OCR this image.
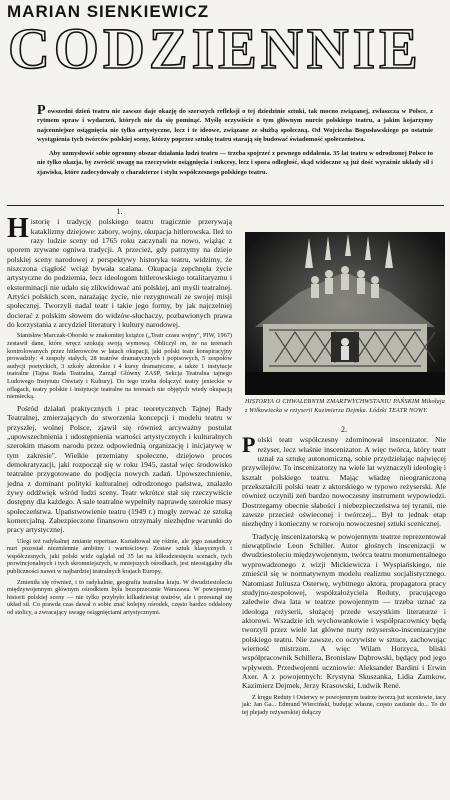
MARIAN SIENKIEWICZ
CODZIENNIE

Powszedni dzień teatru nie zawsze daje okazję do szerszych refleksji o tej dziedzinie sztuki, tak mocno związanej, zwłaszcza w Polsce, z rytmem spraw i wydarzeń, których nie da się pominąć. Myślę oczywiście o tym głównym nurcie polskiego teatru, a jakim kojarzymy najcenniejsze osiągnięcia nie tylko artystyczne, lecz i te ideowe, związane ze służbą społeczną. Od Wojciecha Bogusławskiego po ostatnie wystąpienia tych twórców polskiej sceny, którzy poprzez sztukę teatru starają się budować świadomość społeczeństwa.

Aby uzmysłowić sobie ogromny obszar działania ludzi teatru — trzeba spojrzeć z pewnego oddalenia. 35 lat teatru w odrodzonej Polsce to nie tylko okazja, by zwrócić uwagę na rzeczywiste osiągnięcia i sukcesy, lecz i spora odległość, skąd widoczne są już dość wyraźnie układy sił i zjawiska, które zadecydowały o charakterze i stylu współczesnego polskiego teatru.

1.

Historię i tradycję polskiego teatru tragicznie przerywają kataklizmy dziejowe: zabory, wojny, okupacja hitlerowska. Ileż to razy ludzie sceny od 1765 roku zaczynali na nowo, wiążąc z uporem zrywane ogniwa tradycji. A przecież, gdy patrzymy na dzieje polskiej sceny narodowej z perspektywy historyka teatru, widzimy, że niszczona ciągłość wciąż bywała scalana. Okupacja zepchnęła życie artystyczne do podziemia, lecz ideologom hitlerowskiego totalitaryzmu i eksterminacji nie udało się zlikwidować ani polskiej, ani myśli teatralnej. Artyści polskich scen, narażając życie, nie rezygnowali ze swojej misji społecznej. Tworzyli nadal teatr i takie jego formy, by jak najczelniej docierać z polskim słowem do widzów-słuchaczy, pozbawionych prawa do korzystania z arcydzieł literatury i kultury narodowej.

Stanisław Marczak-Oborski w znakomitej książce („Teatr czasu wojny", PIW, 1967) zestawił dane, które wręcz szokują swoją wymową. Obliczył on, że na terenach kontrolowanych przez hitlerowców w latach okupacji, jaki polski teatr konspiracyjny prowadziły: 4 zespoły stałych, 28 teatrów dramatycznych i popisowych, 5 zespołów audycji poetyckich, 3 szkoły aktorskie i 4 kursy dramatyczne, a także 1 instytucje teatralne (Tajna Rada Teatralna, Zarząd Główny ZASP, Sekcja Teatralna tajnego Ludowego Instytutu Oświaty i Kultury). Do tego trzeba dołączyć teatry jenieckie w oflagach, teatry polskie i instytucje teatralne na terenach nie objętych wtedy okupacją niemiecką.

Pośród działań praktycznych i prac teoretycznych Tajnej Rady Teatralnej, zmierzających do stworzenia koncepcji i modelu teatru w przyszłej, wolnej Polsce, zjawił się również arcyważny postulat „upowszechnienia i udostępnienia wartości artystycznych i kulturalnych szerokim masom narodu przez odpowiednią organizację i inicjatywę w tym zakresie". Wielkie przemiany społeczne, dziejowo proces demokratyzacji, jaki rozpoczął się w roku 1945, zastał więc środowisko teatralne przygotowane do podjęcia nowych zadań. Upowszechnienie, jedna z dominant polityki kulturalnej odrodzonego państwa, znalazło żywy oddźwięk wśród ludzi sceny. Teatr wkrótce stał się rzeczywiście dostępny dla każdego. A sale teatralne wypełniły naprawdę szerokie masy społeczeństwa. Upaństwowienie teatru (1949 r.) mogły zerwać ze sztuką komercjalną. Zabezpieczone finansowo otrzymały niezbędne warunki do pracy artystycznej.

Ulegi też radykalnej zmianie repertuar. Kształtował się różnie, ale jego zasadniczy nurt pozostał niezmiennie ambitny i wartościowy. Zestaw sztuk klasycznych i współczesnych, jaki polski widz oglądał od 35 lat na kilkudziesięciu scenach, tych prowincjonalnych i tych skromniejszych, w mniejszych ośrodkach, jest nieosiągalny dla publiczności nawet w najbardziej teatralnych krajach Europy.

Zmieniła się również, i to radykalnie, geografia teatralna kraju. W dwudziestoleciu międzywojennym głównym ośrodkiem była bezsprzecznie Warszawa. W powojennej historii polskiej sceny — nie tylko przybyło kilkadziesiąt teatrów, ale i przesunął się układ sił. Co prawda czas dawał o sobie znać kolejny ośrodek, często bardzo oddalony od stolicy, a zwracający uwagę osiągnięciami artystycznymi.

HISTORYA O CHWALEBNYM ZMARTWYCHWSTANIU PAŃSKIM Mikołaja z Wilkowiecka w reżyserii Kazimierza Dejmka. Łódzki TEATR NOWY.

2.

Polski teatr współczesny zdominował inscenizator. Nie reżyser, lecz właśnie inscenizator. A więc twórca, który teatr uznał za sztukę autonomiczną, sobie przydzielając najwięcej przywilejów. To inscenizatorzy na wiele lat wyznaczyli ideologię i kształt polskiego teatru. Mając władzę nieograniczoną przekształcili polski teatr z aktorskiego w typowo reżyserski. Ale również uczynili zeń bardzo nowoczesny instrument wypowiedzi. Dostrzegamy obecnie słabości i niebezpieczeństwa tej tyranii, nie zawsze przecież oświeconej i twórczej... Był to jednak etap niezbędny i konieczny w rozwoju nowoczesnej sztuki scenicznej.

Tradycję inscenizatorską w powojennym teatrze reprezentował niewątpliwie Leon Schiller. Autor głośnych inscenizacji w dwudziestoleciu międzywojennym, twórca teatru monumentalnego wyprowadzonego z wizji Mickiewicza i Wyspiańskiego, nie zmieścił się w normatywnym modelu realizmu socjalistycznego. Natomiast Juliusza Osterwę, wybitnego aktora, propagatora pracy studyjno-zespołowej, współzałożyciela Reduty, pracującego zaledwie dwa lata w teatrze powojennym — trzeba uznać za ideologa reżyserii, służącej przede wszystkim literaturze i aktorowi. Wszadzie ich wychowankowie i współpracownicy będą tworzyli przez wiele lat główne nurty reżysersko-inscenizacyjne polskiego teatru. Nie zawsze, co oczywiste w sztuce, zachowując wierność mistrzom. A więc Wilam Horzyca, bliski współpracownik Schillera, Bronisław Dąbrowski, będący pod jego wpływem. Przedwojenni uczniowie: Aleksander Bardini i Erwin Axer. A z powojennych: Krystyna Skuszanka, Lidia Zamkow, Kazimierz Dejmek, Jerzy Krasowski, Ludwik René.

Z kręgu Reduty i Osterwy w powojennym teatrze tworzą już uczniowie, tacy jak: Jan Ga... Edmund Wierciński, budując własne, często zaufanie do... To do tej plejady reżyserskiej dołączy
